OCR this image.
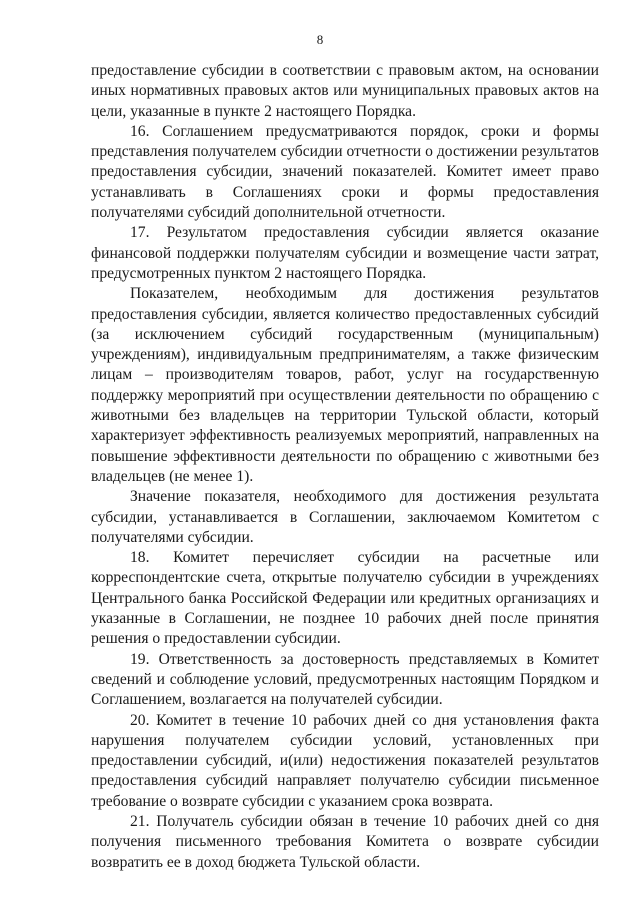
8

предоставление субсидии в соответствии с правовым актом, на основании иных нормативных правовых актов или муниципальных правовых актов на цели, указанные в пункте 2 настоящего Порядка.

16. Соглашением предусматриваются порядок, сроки и формы представления получателем субсидии отчетности о достижении результатов предоставления субсидии, значений показателей. Комитет имеет право устанавливать в Соглашениях сроки и формы предоставления получателями субсидий дополнительной отчетности.

17. Результатом предоставления субсидии является оказание финансовой поддержки получателям субсидии и возмещение части затрат, предусмотренных пунктом 2 настоящего Порядка.

Показателем, необходимым для достижения результатов предоставления субсидии, является количество предоставленных субсидий (за исключением субсидий государственным (муниципальным) учреждениям), индивидуальным предпринимателям, а также физическим лицам – производителям товаров, работ, услуг на государственную поддержку мероприятий при осуществлении деятельности по обращению с животными без владельцев на территории Тульской области, который характеризует эффективность реализуемых мероприятий, направленных на повышение эффективности деятельности по обращению с животными без владельцев (не менее 1).

Значение показателя, необходимого для достижения результата субсидии, устанавливается в Соглашении, заключаемом Комитетом с получателями субсидии.

18. Комитет перечисляет субсидии на расчетные или корреспондентские счета, открытые получателю субсидии в учреждениях Центрального банка Российской Федерации или кредитных организациях и указанные в Соглашении, не позднее 10 рабочих дней после принятия решения о предоставлении субсидии.

19. Ответственность за достоверность представляемых в Комитет сведений и соблюдение условий, предусмотренных настоящим Порядком и Соглашением, возлагается на получателей субсидии.

20. Комитет в течение 10 рабочих дней со дня установления факта нарушения получателем субсидии условий, установленных при предоставлении субсидий, и(или) недостижения показателей результатов предоставления субсидий направляет получателю субсидии письменное требование о возврате субсидии с указанием срока возврата.

21. Получатель субсидии обязан в течение 10 рабочих дней со дня получения письменного требования Комитета о возврате субсидии возвратить ее в доход бюджета Тульской области.
